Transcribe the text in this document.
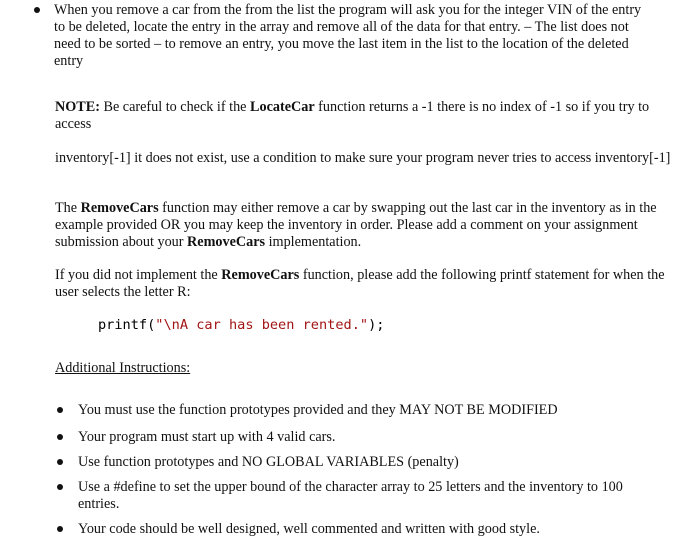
When you remove a car from the from the list the program will ask you for the integer VIN of the entry to be deleted, locate the entry in the array and remove all of the data for that entry. – The list does not need to be sorted – to remove an entry, you move the last item in the list to the location of the deleted entry

NOTE: Be careful to check if the LocateCar function returns a -1 there is no index of -1 so if you try to access

inventory[-1] it does not exist, use a condition to make sure your program never tries to access inventory[-1]

The RemoveCars function may either remove a car by swapping out the last car in the inventory as in the example provided OR you may keep the inventory in order. Please add a comment on your assignment submission about your RemoveCars implementation.

If you did not implement the RemoveCars function, please add the following printf statement for when the user selects the letter R:

printf("\nA car has been rented.");

Additional Instructions:

You must use the function prototypes provided and they MAY NOT BE MODIFIED
Your program must start up with 4 valid cars.
Use function prototypes and NO GLOBAL VARIABLES (penalty)
Use a #define to set the upper bound of the character array to 25 letters and the inventory to 100 entries.
Your code should be well designed, well commented and written with good style.
